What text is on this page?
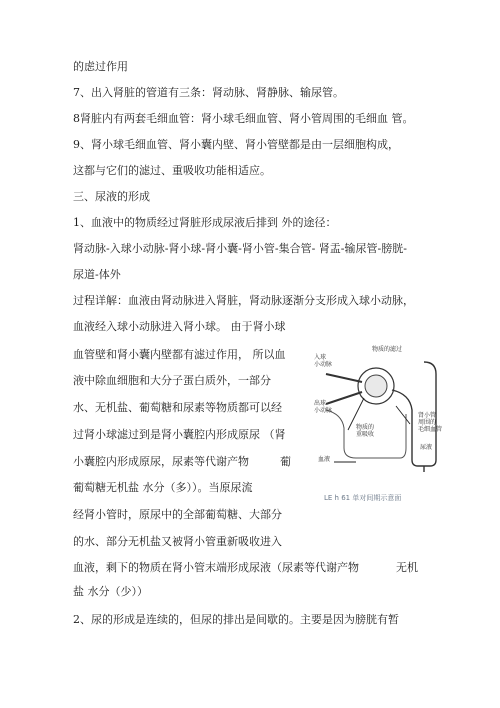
的虑过作用
7、出入肾脏的管道有三条：肾动脉、肾静脉、输尿管。
8肾脏内有两套毛细血管：肾小球毛细血管、肾小管周围的毛细血 管。
9、肾小球毛细血管、肾小囊内壁、肾小管壁都是由一层细胞构成，
这都与它们的滤过、重吸收功能相适应。
三、尿液的形成
1、血液中的物质经过肾脏形成尿液后排到 外的途径：
肾动脉-入球小动脉-肾小球-肾小囊-肾小管-集合管- 肾盂-输尿管-膀胱-
尿道-体外
过程详解：血液由肾动脉进入肾脏，肾动脉逐渐分支形成入球小动脉，
血液经入球小动脉进入肾小球。 由于肾小球
血管壁和肾小囊内壁都有滤过作用， 所以血
液中除血细胞和大分子蛋白质外，一部分
水、无机盐、葡萄糖和尿素等物质都可以经
过肾小球滤过到是肾小囊腔内形成原尿 （肾
小囊腔内形成原尿，尿素等代谢产物	葡
葡萄糖无机盐 水分（多））。当原尿流
经肾小管时，原尿中的全部葡萄糖、大部分
的水、部分无机盐又被肾小管重新吸收进入
血液，剩下的物质在肾小管末端形成尿液（尿素等代谢产物	无机
盐 水分（少））
2、尿的形成是连续的，但尿的排出是间歇的。主要是因为膀胱有暂
入球
小动脉
物质的滤过
出球
小动脉
物质的
重吸收
肾小管
周围的
毛细血管
血液
尿液
LE h 61 单对间期示意面
